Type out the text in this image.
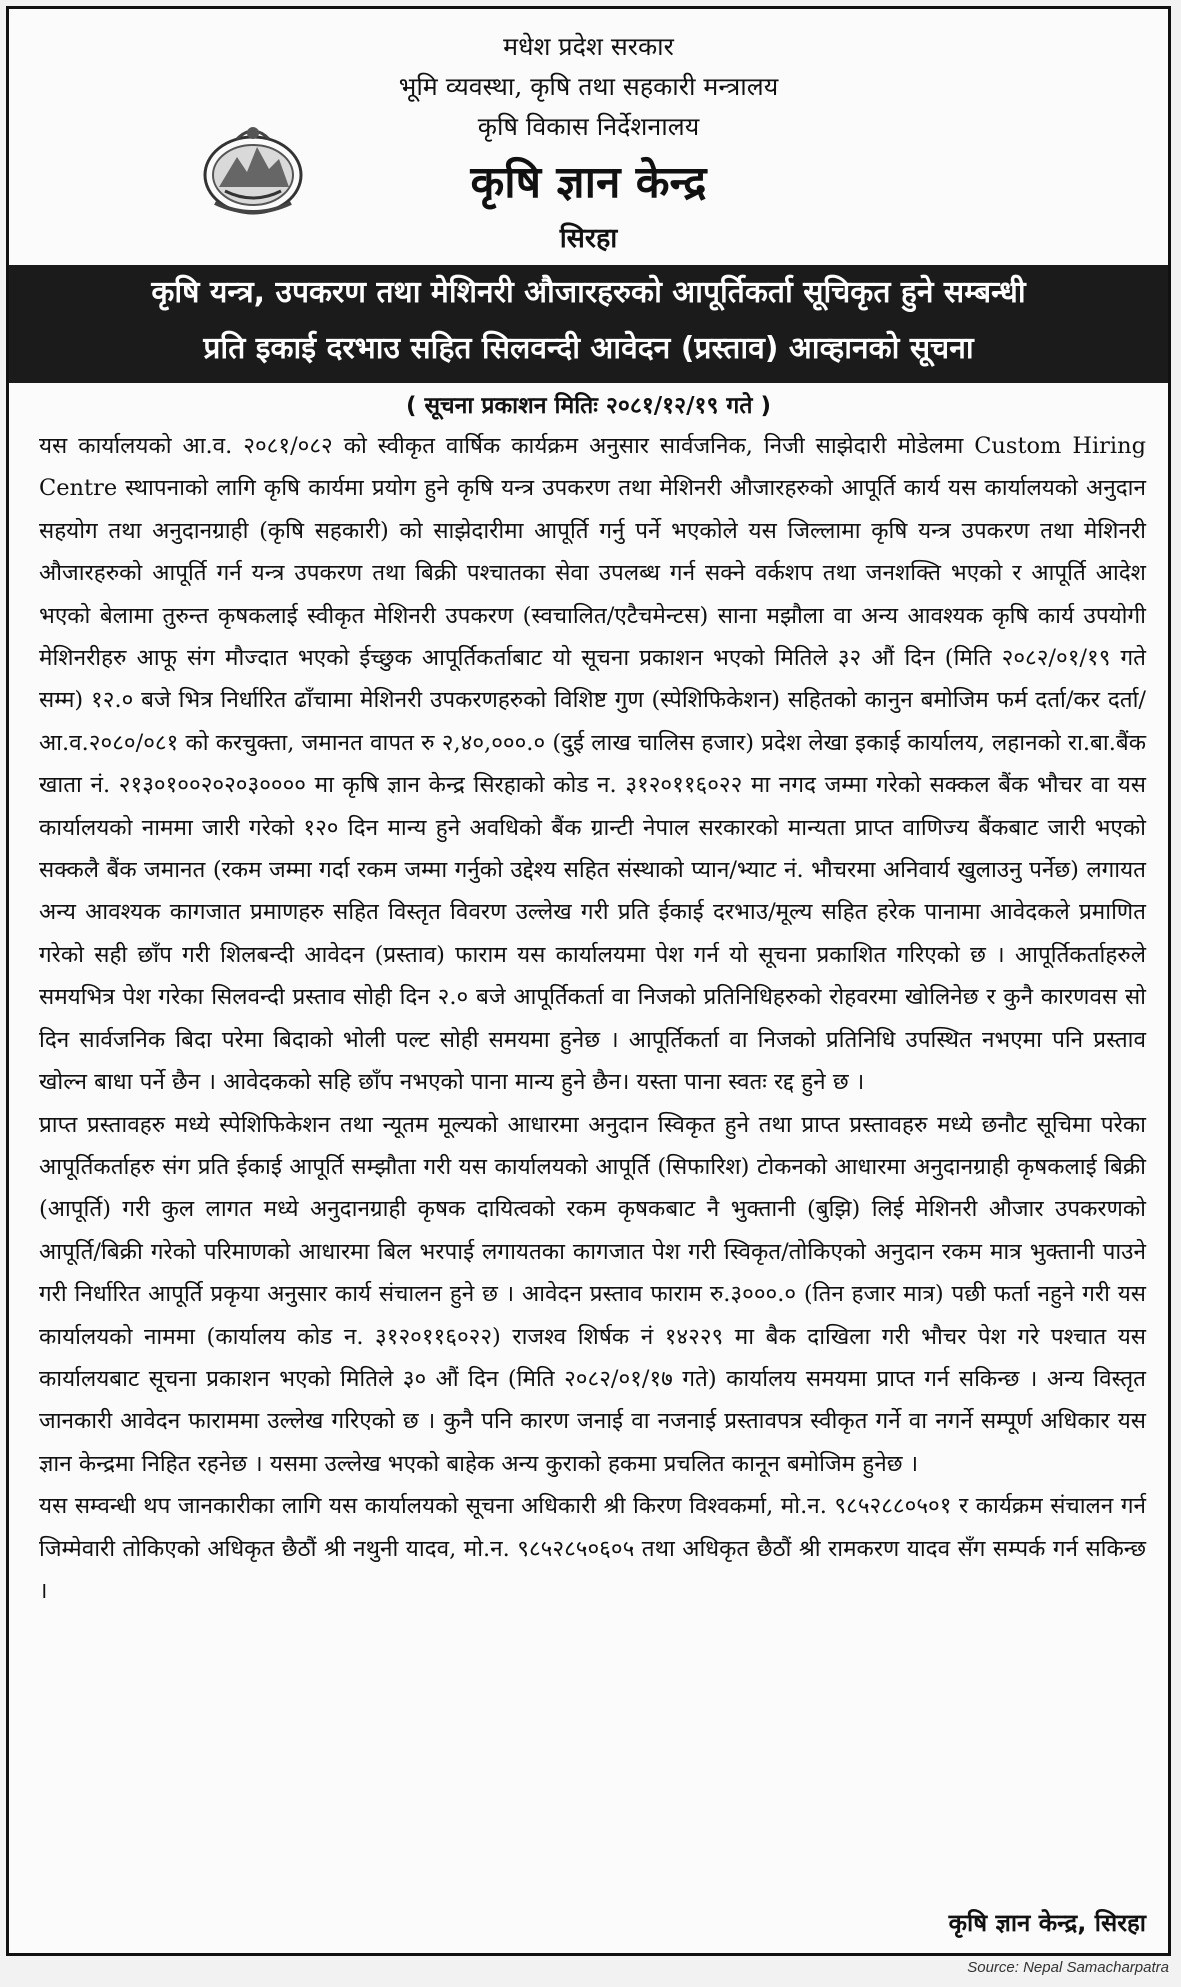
मधेश प्रदेश सरकार
भूमि व्यवस्था, कृषि तथा सहकारी मन्त्रालय
कृषि विकास निर्देशनालय
कृषि ज्ञान केन्द्र
सिरहा
कृषि यन्त्र, उपकरण तथा मेशिनरी औजारहरुको आपूर्तिकर्ता सूचिकृत हुने सम्बन्धी
प्रति इकाई दरभाउ सहित सिलवन्दी आवेदन (प्रस्ताव) आव्हानको सूचना
( सूचना प्रकाशन मितिः २०८१/१२/१९ गते )

यस कार्यालयको आ.व. २०८१/०८२ को स्वीकृत वार्षिक कार्यक्रम अनुसार सार्वजनिक, निजी साझेदारी मोडेलमा Custom Hiring Centre स्थापनाको लागि कृषि कार्यमा प्रयोग हुने कृषि यन्त्र उपकरण तथा मेशिनरी औजारहरुको आपूर्ति कार्य यस कार्यालयको अनुदान सहयोग तथा अनुदानग्राही (कृषि सहकारी) को साझेदारीमा आपूर्ति गर्नु पर्ने भएकोले यस जिल्लामा कृषि यन्त्र उपकरण तथा मेशिनरी औजारहरुको आपूर्ति गर्न यन्त्र उपकरण तथा बिक्री पश्चातका सेवा उपलब्ध गर्न सक्ने वर्कशप तथा जनशक्ति भएको र आपूर्ति आदेश भएको बेलामा तुरुन्त कृषकलाई स्वीकृत मेशिनरी उपकरण (स्वचालित/एटैचमेन्टस) साना मझौला वा अन्य आवश्यक कृषि कार्य उपयोगी मेशिनरीहरु आफू संग मौज्दात भएको ईच्छुक आपूर्तिकर्ताबाट यो सूचना प्रकाशन भएको मितिले ३२ औं दिन (मिति २०८२/०१/१९ गते सम्म) १२.० बजे भित्र निर्धारित ढाँचामा मेशिनरी उपकरणहरुको विशिष्ट गुण (स्पेशिफिकेशन) सहितको कानुन बमोजिम फर्म दर्ता/कर दर्ता/आ.व.२०८०/०८१ को करचुक्ता, जमानत वापत रु २,४०,०००.० (दुई लाख चालिस हजार) प्रदेश लेखा इकाई कार्यालय, लहानको रा.बा.बैंक खाता नं. २१३०१००२०२०३०००० मा कृषि ज्ञान केन्द्र सिरहाको कोड न. ३१२०११६०२२ मा नगद जम्मा गरेको सक्कल बैंक भौचर वा यस कार्यालयको नाममा जारी गरेको १२० दिन मान्य हुने अवधिको बैंक ग्रान्टी नेपाल सरकारको मान्यता प्राप्त वाणिज्य बैंकबाट जारी भएको सक्कलै बैंक जमानत (रकम जम्मा गर्दा रकम जम्मा गर्नुको उद्देश्य सहित संस्थाको प्यान/भ्याट नं. भौचरमा अनिवार्य खुलाउनु पर्नेछ) लगायत अन्य आवश्यक कागजात प्रमाणहरु सहित विस्तृत विवरण उल्लेख गरी प्रति ईकाई दरभाउ/मूल्य सहित हरेक पानामा आवेदकले प्रमाणित गरेको सही छाँप गरी शिलबन्दी आवेदन (प्रस्ताव) फाराम यस कार्यालयमा पेश गर्न यो सूचना प्रकाशित गरिएको छ । आपूर्तिकर्ताहरुले समयभित्र पेश गरेका सिलवन्दी प्रस्ताव सोही दिन २.० बजे आपूर्तिकर्ता वा निजको प्रतिनिधिहरुको रोहवरमा खोलिनेछ र कुनै कारणवस सो दिन सार्वजनिक बिदा परेमा बिदाको भोली पल्ट सोही समयमा हुनेछ । आपूर्तिकर्ता वा निजको प्रतिनिधि उपस्थित नभएमा पनि प्रस्ताव खोल्न बाधा पर्ने छैन । आवेदकको सहि छाँप नभएको पाना मान्य हुने छैन। यस्ता पाना स्वतः रद्द हुने छ ।

प्राप्त प्रस्तावहरु मध्ये स्पेशिफिकेशन तथा न्यूतम मूल्यको आधारमा अनुदान स्विकृत हुने तथा प्राप्त प्रस्तावहरु मध्ये छनौट सूचिमा परेका आपूर्तिकर्ताहरु संग प्रति ईकाई आपूर्ति सम्झौता गरी यस कार्यालयको आपूर्ति (सिफारिश) टोकनको आधारमा अनुदानग्राही कृषकलाई बिक्री (आपूर्ति) गरी कुल लागत मध्ये अनुदानग्राही कृषक दायित्वको रकम कृषकबाट नै भुक्तानी (बुझि) लिई मेशिनरी औजार उपकरणको आपूर्ति/बिक्री गरेको परिमाणको आधारमा बिल भरपाई लगायतका कागजात पेश गरी स्विकृत/तोकिएको अनुदान रकम मात्र भुक्तानी पाउने गरी निर्धारित आपूर्ति प्रकृया अनुसार कार्य संचालन हुने छ । आवेदन प्रस्ताव फाराम रु.३०००.० (तिन हजार मात्र) पछी फर्ता नहुने गरी यस कार्यालयको नाममा (कार्यालय कोड न. ३१२०११६०२२) राजश्व शिर्षक नं १४२२९ मा बैक दाखिला गरी भौचर पेश गरे पश्चात यस कार्यालयबाट सूचना प्रकाशन भएको मितिले ३० औं दिन (मिति २०८२/०१/१७ गते) कार्यालय समयमा प्राप्त गर्न सकिन्छ । अन्य विस्तृत जानकारी आवेदन फाराममा उल्लेख गरिएको छ । कुनै पनि कारण जनाई वा नजनाई प्रस्तावपत्र स्वीकृत गर्ने वा नगर्ने सम्पूर्ण अधिकार यस ज्ञान केन्द्रमा निहित रहनेछ । यसमा उल्लेख भएको बाहेक अन्य कुराको हकमा प्रचलित कानून बमोजिम हुनेछ ।

यस सम्वन्धी थप जानकारीका लागि यस कार्यालयको सूचना अधिकारी श्री किरण विश्वकर्मा, मो.न. ९८५२८८०५०१ र कार्यक्रम संचालन गर्न जिम्मेवारी तोकिएको अधिकृत छैठौं श्री नथुनी यादव, मो.न. ९८५२८५०६०५ तथा अधिकृत छैठौं श्री रामकरण यादव सँग सम्पर्क गर्न सकिन्छ ।

कृषि ज्ञान केन्द्र, सिरहा
Source: Nepal Samacharpatra
